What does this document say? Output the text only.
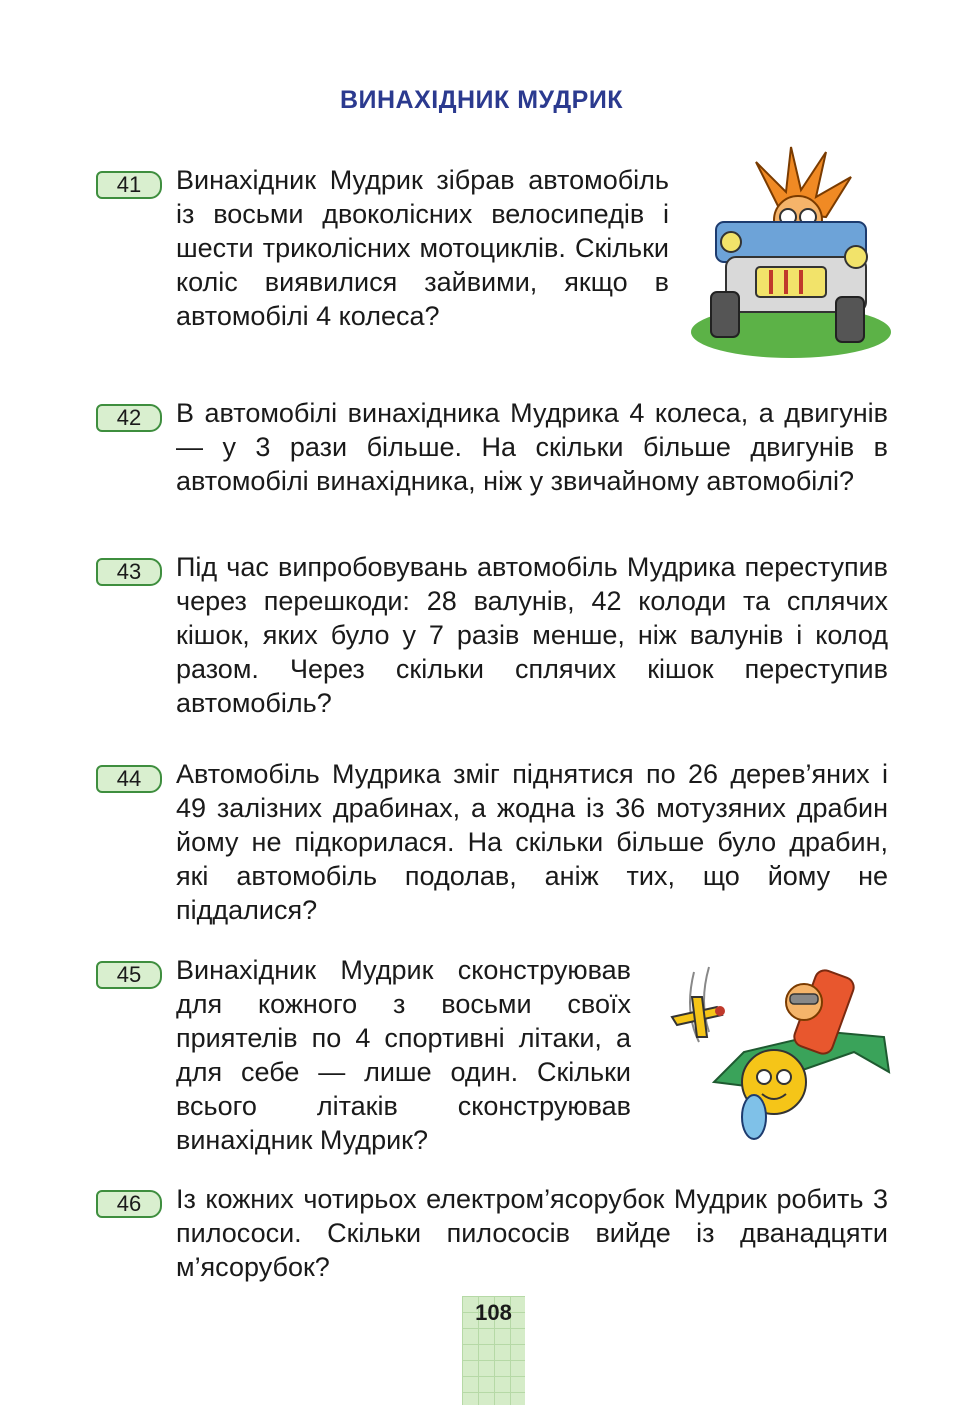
ВИНАХІДНИК МУДРИК
41	Винахідник Мудрик зібрав автомобіль із восьми двоколісних велосипедів і шести триколісних мотоциклів. Скільки коліс виявилися зайвими, якщо в автомобілі 4 колеса?

42	В автомобілі винахідника Мудрика 4 колеса, а двигунів — у 3 рази більше. На скільки більше двигунів в автомобілі винахідника, ніж у звичайному автомобілі?

43	Під час випробовувань автомобіль Мудрика переступив через перешкоди: 28 валунів, 42 колоди та сплячих кішок, яких було у 7 разів менше, ніж валунів і колод разом. Через скільки сплячих кішок переступив автомобіль?

44	Автомобіль Мудрика зміг піднятися по 26 дерев’яних і 49 залізних драбинах, а жодна із 36 мотузяних драбин йому не підкорилася. На скільки більше було драбин, які автомобіль подолав, аніж тих, що йому не піддалися?

45	Винахідник Мудрик сконструював для кожного з восьми своїх приятелів по 4 спортивні літаки, а для себе — лише один. Скільки всього літаків сконструював винахідник Мудрик?

46	Із кожних чотирьох електром’ясорубок Мудрик робить 3 пилососи. Скільки пилососів вийде із дванадцяти м’ясорубок?

108
